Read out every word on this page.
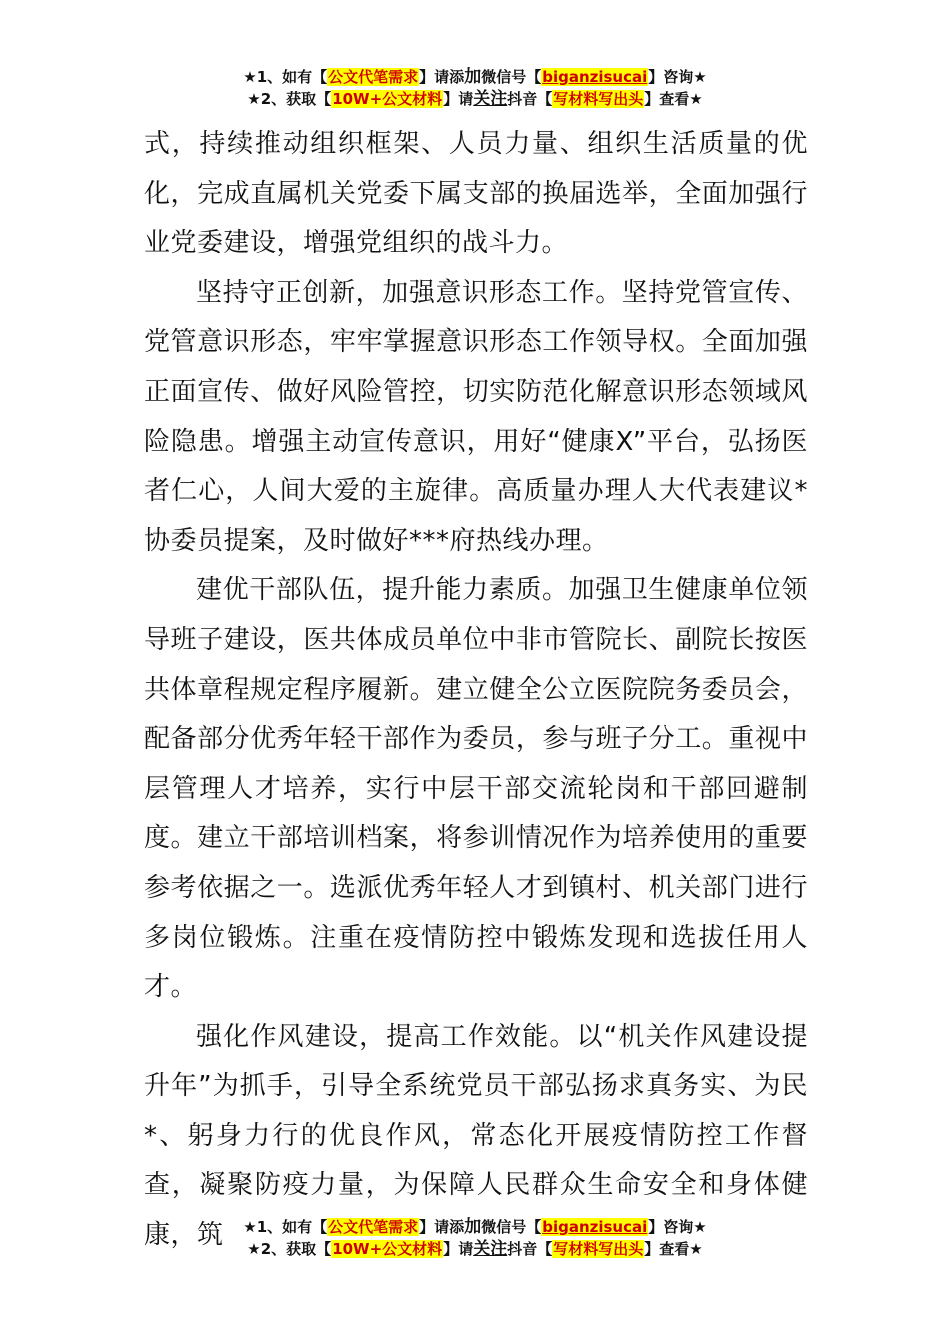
★1、如有【公文代笔需求】请添加微信号【biganzisucai】咨询★
★2、获取【10W+公文材料】请关注抖音【写材料写出头】查看★

式，持续推动组织框架、人员力量、组织生活质量的优化，完成直属机关党委下属支部的换届选举，全面加强行业党委建设，增强党组织的战斗力。

坚持守正创新，加强意识形态工作。坚持党管宣传、党管意识形态，牢牢掌握意识形态工作领导权。全面加强正面宣传、做好风险管控，切实防范化解意识形态领域风险隐患。增强主动宣传意识，用好“健康X”平台，弘扬医者仁心，人间大爱的主旋律。高质量办理人大代表建议*协委员提案，及时做好***府热线办理。

建优干部队伍，提升能力素质。加强卫生健康单位领导班子建设，医共体成员单位中非市管院长、副院长按医共体章程规定程序履新。建立健全公立医院院务委员会，配备部分优秀年轻干部作为委员，参与班子分工。重视中层管理人才培养，实行中层干部交流轮岗和干部回避制度。建立干部培训档案，将参训情况作为培养使用的重要参考依据之一。选派优秀年轻人才到镇村、机关部门进行多岗位锻炼。注重在疫情防控中锻炼发现和选拔任用人才。

强化作风建设，提高工作效能。以“机关作风建设提升年”为抓手，引导全系统党员干部弘扬求真务实、为民*、躬身力行的优良作风，常态化开展疫情防控工作督查，凝聚防疫力量，为保障人民群众生命安全和身体健康，筑	★1、如有【公文代笔需求】请添加微信号【biganzisucai】咨询★
★2、获取【10W+公文材料】请关注抖音【写材料写出头】查看★
